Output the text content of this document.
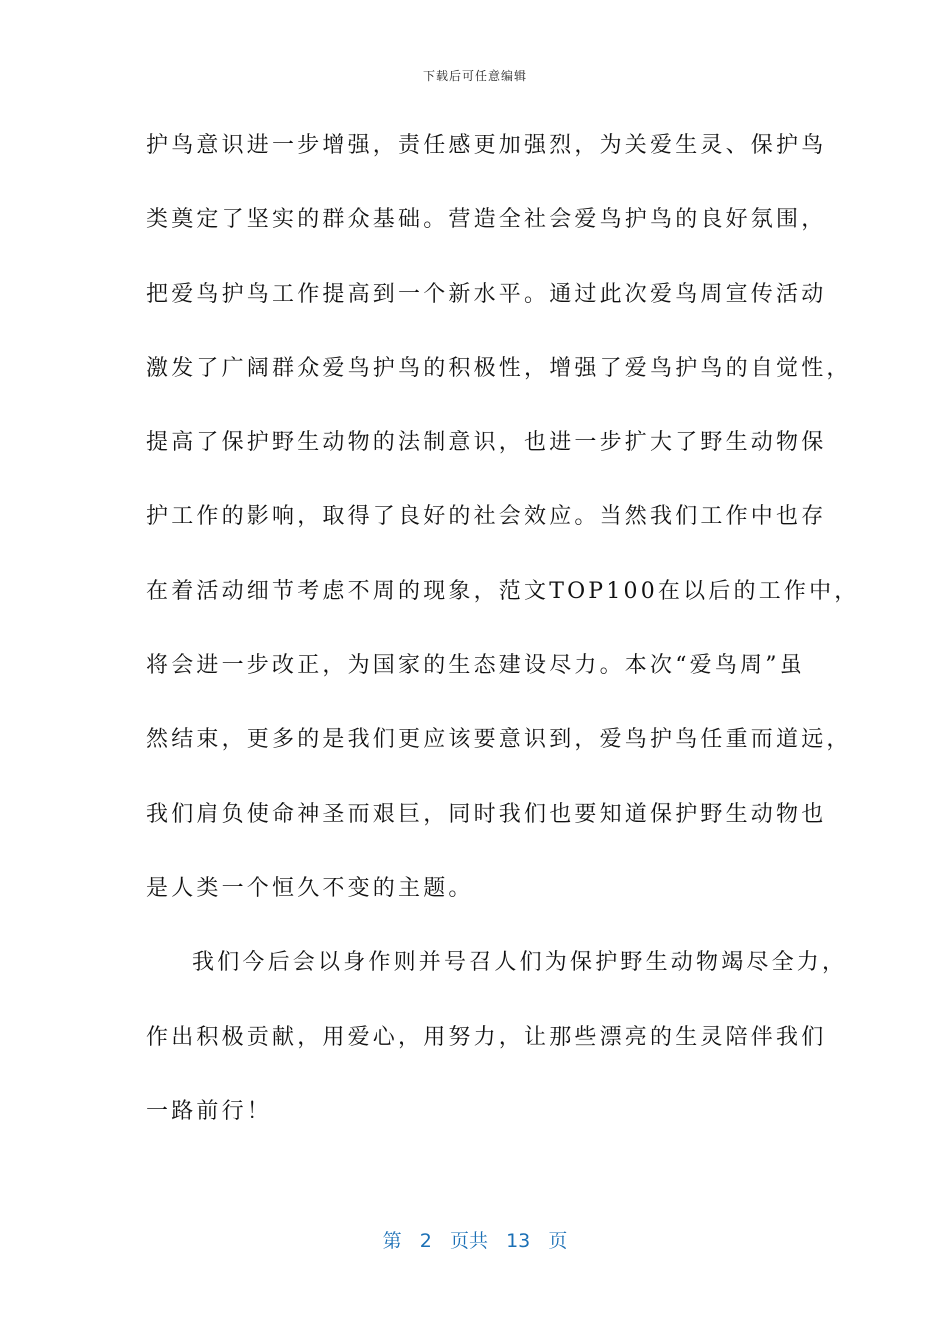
下载后可任意编辑
护鸟意识进一步增强，责任感更加强烈，为关爱生灵、保护鸟
类奠定了坚实的群众基础。营造全社会爱鸟护鸟的良好氛围，
把爱鸟护鸟工作提高到一个新水平。通过此次爱鸟周宣传活动
激发了广阔群众爱鸟护鸟的积极性，增强了爱鸟护鸟的自觉性，
提高了保护野生动物的法制意识，也进一步扩大了野生动物保
护工作的影响，取得了良好的社会效应。当然我们工作中也存
在着活动细节考虑不周的现象，范文TOP100在以后的工作中，
将会进一步改正，为国家的生态建设尽力。本次“爱鸟周”虽
然结束，更多的是我们更应该要意识到，爱鸟护鸟任重而道远，
我们肩负使命神圣而艰巨，同时我们也要知道保护野生动物也
是人类一个恒久不变的主题。
我们今后会以身作则并号召人们为保护野生动物竭尽全力，
作出积极贡献，用爱心，用努力，让那些漂亮的生灵陪伴我们
一路前行！
第 2 页共 13 页
